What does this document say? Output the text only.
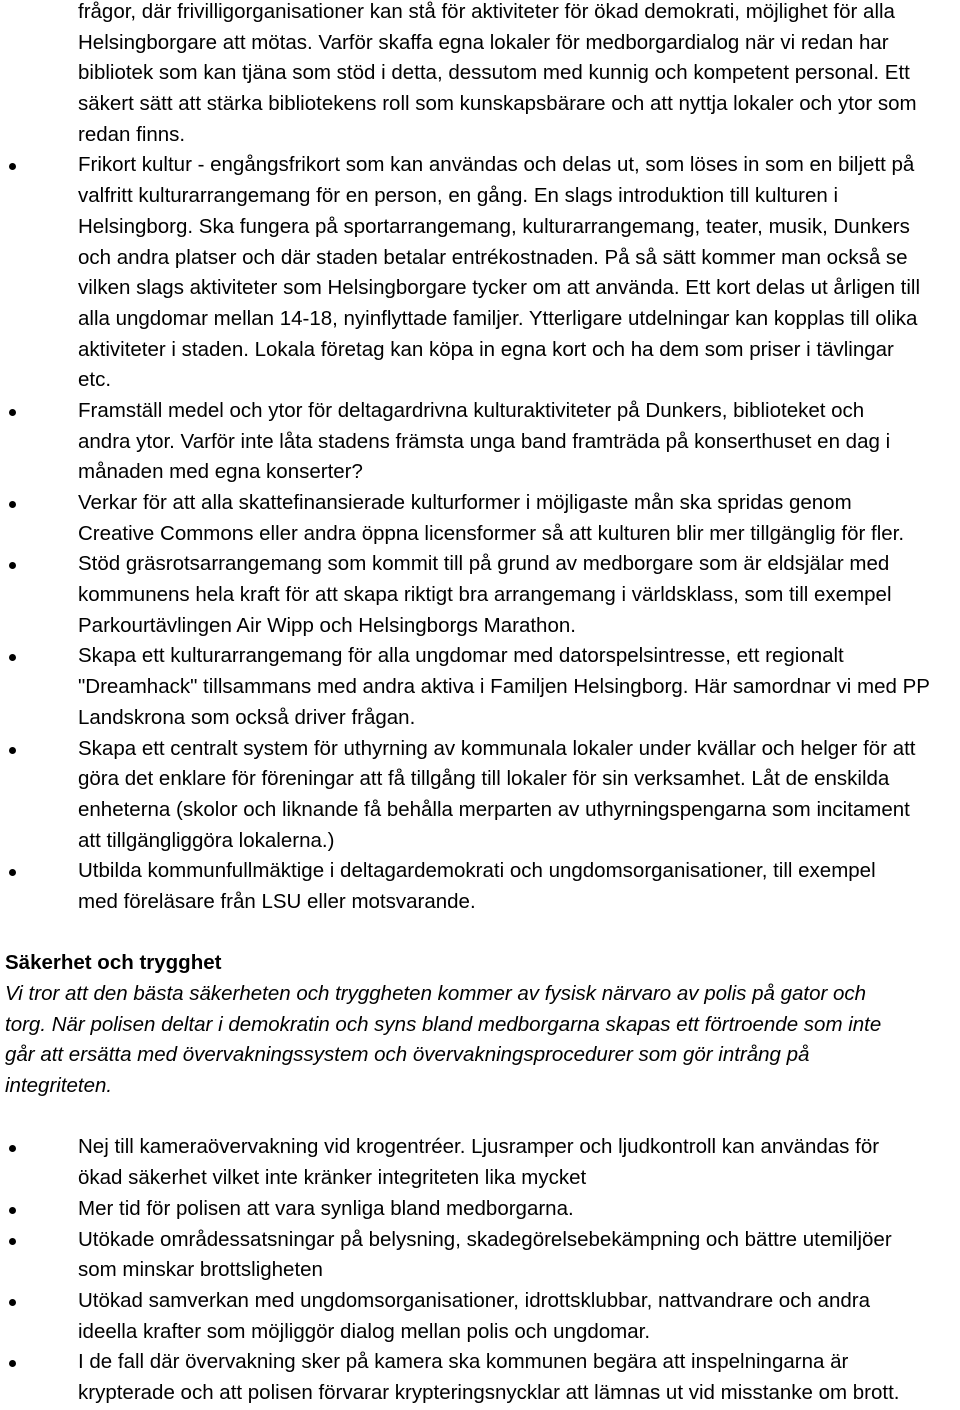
frågor, där frivilligorganisationer kan stå för aktiviteter för ökad demokrati, möjlighet för alla
Helsingborgare att mötas. Varför skaffa egna lokaler för medborgardialog när vi redan har
bibliotek som kan tjäna som stöd i detta, dessutom med kunnig och kompetent personal. Ett
säkert sätt att stärka bibliotekens roll som kunskapsbärare och att nyttja lokaler och ytor som
redan finns.
Frikort kultur - engångsfrikort som kan användas och delas ut, som löses in som en biljett på
valfritt kulturarrangemang för en person, en gång. En slags introduktion till kulturen i
Helsingborg. Ska fungera på sportarrangemang, kulturarrangemang, teater, musik, Dunkers
och andra platser och där staden betalar entrékostnaden. På så sätt kommer man också se
vilken slags aktiviteter som Helsingborgare tycker om att använda. Ett kort delas ut årligen till
alla ungdomar mellan 14-18, nyinflyttade familjer. Ytterligare utdelningar kan kopplas till olika
aktiviteter i staden. Lokala företag kan köpa in egna kort och ha dem som priser i tävlingar
etc.
Framställ medel och ytor för deltagardrivna kulturaktiviteter på Dunkers, biblioteket och
andra ytor. Varför inte låta stadens främsta unga band framträda på konserthuset en dag i
månaden med egna konserter?
Verkar för att alla skattefinansierade kulturformer i möjligaste mån ska spridas genom
Creative Commons eller andra öppna licensformer så att kulturen blir mer tillgänglig för fler.
Stöd gräsrotsarrangemang som kommit till på grund av medborgare som är eldsjälar med
kommunens hela kraft för att skapa riktigt bra arrangemang i världsklass, som till exempel
Parkourtävlingen Air Wipp och Helsingborgs Marathon.
Skapa ett kulturarrangemang för alla ungdomar med datorspelsintresse, ett regionalt
"Dreamhack" tillsammans med andra aktiva i Familjen Helsingborg. Här samordnar vi med PP
Landskrona som också driver frågan.
Skapa ett centralt system för uthyrning av kommunala lokaler under kvällar och helger för att
göra det enklare för föreningar att få tillgång till lokaler för sin verksamhet. Låt de enskilda
enheterna (skolor och liknande få behålla merparten av uthyrningspengarna som incitament
att tillgängliggöra lokalerna.)
Utbilda kommunfullmäktige i deltagardemokrati och ungdomsorganisationer, till exempel
med föreläsare från LSU eller motsvarande.
Säkerhet och trygghet
Vi tror att den bästa säkerheten och tryggheten kommer av fysisk närvaro av polis på gator och
torg. När polisen deltar i demokratin och syns bland medborgarna skapas ett förtroende som inte
går att ersätta med övervakningssystem och övervakningsprocedurer som gör intrång på
integriteten.
Nej till kameraövervakning vid krogentréer. Ljusramper och ljudkontroll kan användas för
ökad säkerhet vilket inte kränker integriteten lika mycket
Mer tid för polisen att vara synliga bland medborgarna.
Utökade områdessatsningar på belysning, skadegörelsebekämpning och bättre utemiljöer
som minskar brottsligheten
Utökad samverkan med ungdomsorganisationer, idrottsklubbar, nattvandrare och andra
ideella krafter som möjliggör dialog mellan polis och ungdomar.
I de fall där övervakning sker på kamera ska kommunen begära att inspelningarna är
krypterade och att polisen förvarar krypteringsnycklar att lämnas ut vid misstanke om brott.
